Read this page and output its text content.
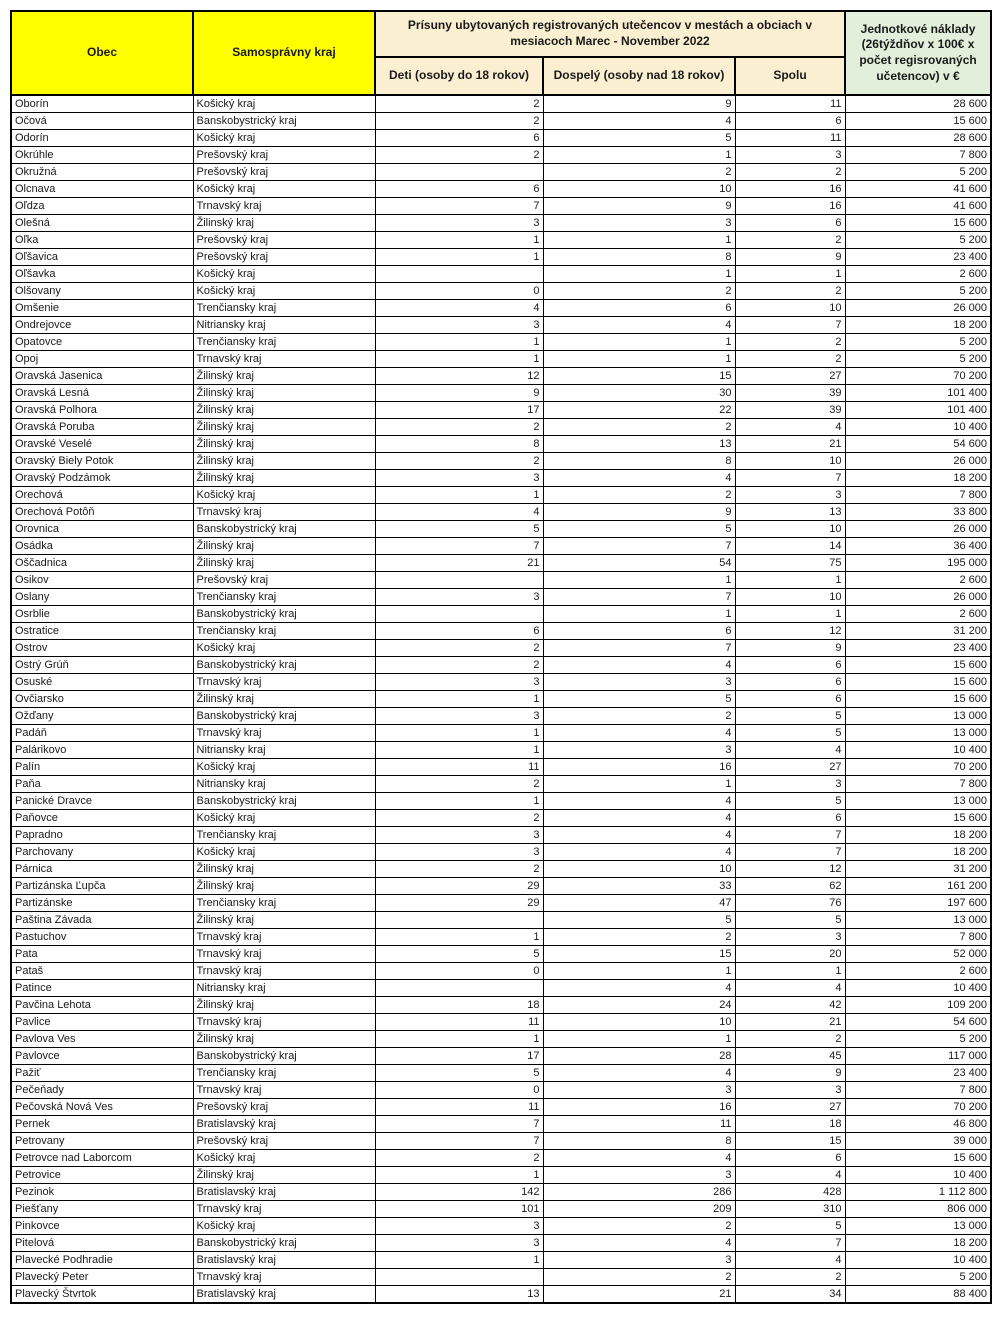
Obec	Samosprávny kraj	Prísuny ubytovaných registrovaných utečencov v mestách a obciach v mesiacoch Marec - November 2022			Jednotkové náklady (26týždňov x 100€ x počet regisrovaných učetencov) v €
		Deti (osoby do 18 rokov)	Dospelý (osoby nad 18 rokov)	Spolu	
Oborín	Košický kraj	2	9	11	28 600
Očová	Banskobystrický kraj	2	4	6	15 600
Odorín	Košický kraj	6	5	11	28 600
Okrúhle	Prešovský kraj	2	1	3	7 800
Okružná	Prešovský kraj		2	2	5 200
Olcnava	Košický kraj	6	10	16	41 600
Oľdza	Trnavský kraj	7	9	16	41 600
Olešná	Žilinský kraj	3	3	6	15 600
Oľka	Prešovský kraj	1	1	2	5 200
Oľšavica	Prešovský kraj	1	8	9	23 400
Oľšavka	Košický kraj		1	1	2 600
Olšovany	Košický kraj	0	2	2	5 200
Omšenie	Trenčiansky kraj	4	6	10	26 000
Ondrejovce	Nitriansky kraj	3	4	7	18 200
Opatovce	Trenčiansky kraj	1	1	2	5 200
Opoj	Trnavský kraj	1	1	2	5 200
Oravská Jasenica	Žilinský kraj	12	15	27	70 200
Oravská Lesná	Žilinský kraj	9	30	39	101 400
Oravská Polhora	Žilinský kraj	17	22	39	101 400
Oravská Poruba	Žilinský kraj	2	2	4	10 400
Oravské Veselé	Žilinský kraj	8	13	21	54 600
Oravský Biely Potok	Žilinský kraj	2	8	10	26 000
Oravský Podzámok	Žilinský kraj	3	4	7	18 200
Orechová	Košický kraj	1	2	3	7 800
Orechová Potôň	Trnavský kraj	4	9	13	33 800
Orovnica	Banskobystrický kraj	5	5	10	26 000
Osádka	Žilinský kraj	7	7	14	36 400
Oščadnica	Žilinský kraj	21	54	75	195 000
Osikov	Prešovský kraj		1	1	2 600
Oslany	Trenčiansky kraj	3	7	10	26 000
Osrblie	Banskobystrický kraj		1	1	2 600
Ostratice	Trenčiansky kraj	6	6	12	31 200
Ostrov	Košický kraj	2	7	9	23 400
Ostrý Grúň	Banskobystrický kraj	2	4	6	15 600
Osuské	Trnavský kraj	3	3	6	15 600
Ovčiarsko	Žilinský kraj	1	5	6	15 600
Ožďany	Banskobystrický kraj	3	2	5	13 000
Padáň	Trnavský kraj	1	4	5	13 000
Palárikovo	Nitriansky kraj	1	3	4	10 400
Palín	Košický kraj	11	16	27	70 200
Paňa	Nitriansky kraj	2	1	3	7 800
Panické Dravce	Banskobystrický kraj	1	4	5	13 000
Paňovce	Košický kraj	2	4	6	15 600
Papradno	Trenčiansky kraj	3	4	7	18 200
Parchovany	Košický kraj	3	4	7	18 200
Párnica	Žilinský kraj	2	10	12	31 200
Partizánska Ľupča	Žilinský kraj	29	33	62	161 200
Partizánske	Trenčiansky kraj	29	47	76	197 600
Paština Závada	Žilinský kraj		5	5	13 000
Pastuchov	Trnavský kraj	1	2	3	7 800
Pata	Trnavský kraj	5	15	20	52 000
Pataš	Trnavský kraj	0	1	1	2 600
Patince	Nitriansky kraj		4	4	10 400
Pavčina Lehota	Žilinský kraj	18	24	42	109 200
Pavlice	Trnavský kraj	11	10	21	54 600
Pavlova Ves	Žilinský kraj	1	1	2	5 200
Pavlovce	Banskobystrický kraj	17	28	45	117 000
Pažiť	Trenčiansky kraj	5	4	9	23 400
Pečeňady	Trnavský kraj	0	3	3	7 800
Pečovská Nová Ves	Prešovský kraj	11	16	27	70 200
Pernek	Bratislavský kraj	7	11	18	46 800
Petrovany	Prešovský kraj	7	8	15	39 000
Petrovce nad Laborcom	Košický kraj	2	4	6	15 600
Petrovice	Žilinský kraj	1	3	4	10 400
Pezinok	Bratislavský kraj	142	286	428	1 112 800
Piešťany	Trnavský kraj	101	209	310	806 000
Pinkovce	Košický kraj	3	2	5	13 000
Pitelová	Banskobystrický kraj	3	4	7	18 200
Plavecké Podhradie	Bratislavský kraj	1	3	4	10 400
Plavecký Peter	Trnavský kraj		2	2	5 200
Plavecký Štvrtok	Bratislavský kraj	13	21	34	88 400
